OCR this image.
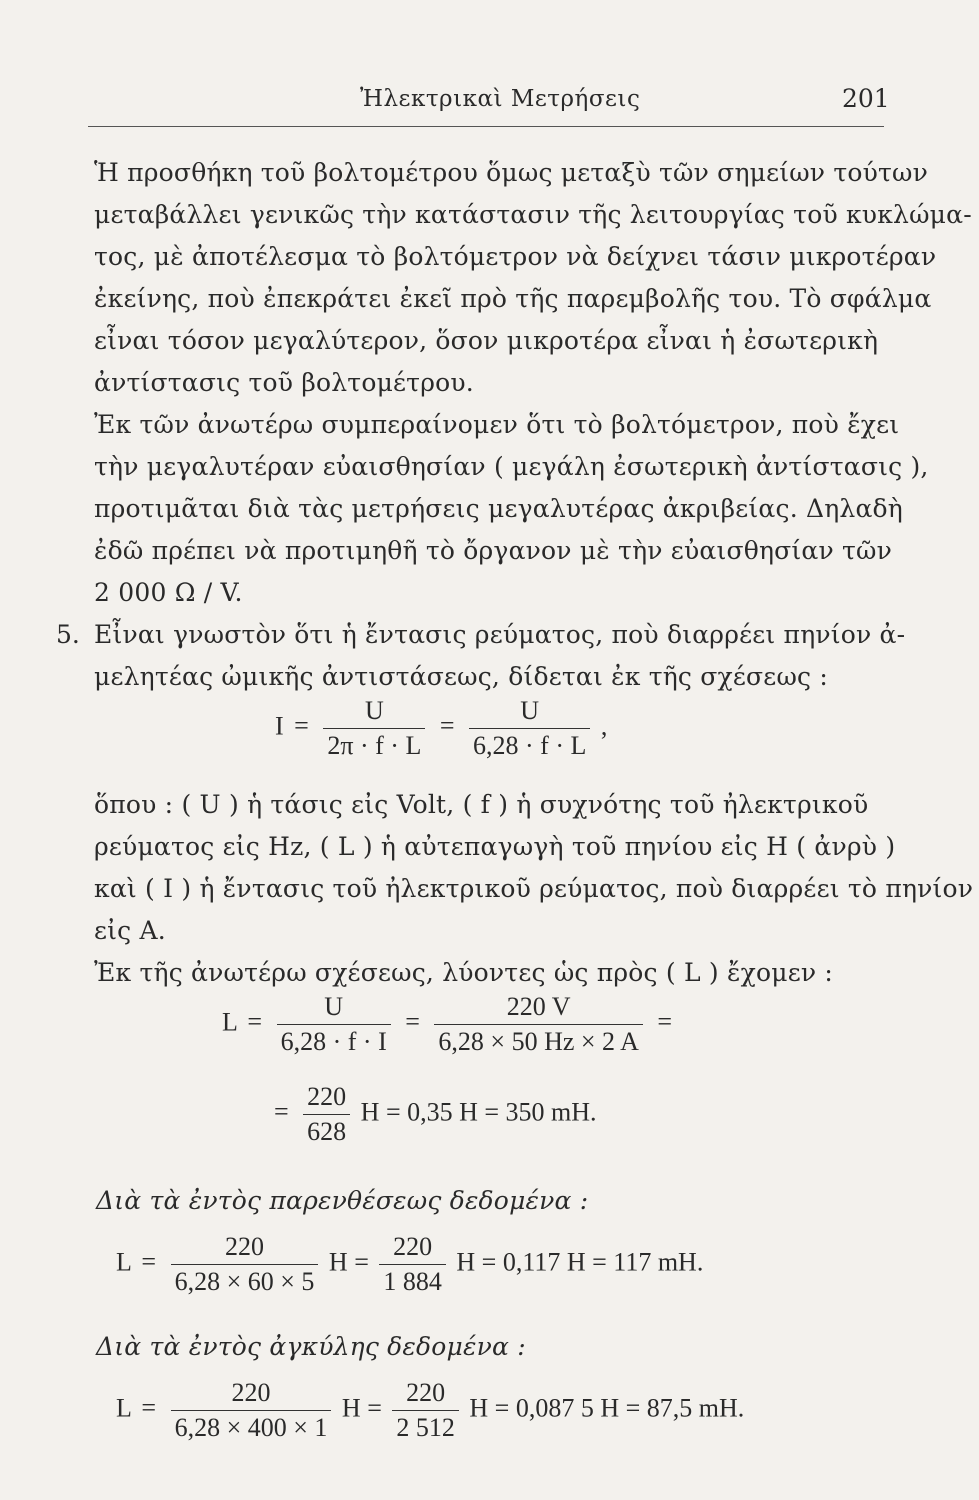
Ἠλεκτρικαὶ Μετρήσεις	201
Ἡ προσθήκη τοῦ βολτομέτρου ὅμως μεταξὺ τῶν σημείων τούτων
μεταβάλλει γενικῶς τὴν κατάστασιν τῆς λειτουργίας τοῦ κυκλώμα-
τος, μὲ ἀποτέλεσμα τὸ βολτόμετρον νὰ δείχνει τάσιν μικροτέραν
ἐκείνης, ποὺ ἐπεκράτει ἐκεῖ πρὸ τῆς παρεμβολῆς του. Τὸ σφάλμα
εἶναι τόσον μεγαλύτερον, ὅσον μικροτέρα εἶναι ἡ ἐσωτερικὴ
ἀντίστασις τοῦ βολτομέτρου.
Ἐκ τῶν ἀνωτέρω συμπεραίνομεν ὅτι τὸ βολτόμετρον, ποὺ ἔχει
τὴν μεγαλυτέραν εὐαισθησίαν ( μεγάλη ἐσωτερικὴ ἀντίστασις ),
προτιμᾶται διὰ τὰς μετρήσεις μεγαλυτέρας ἀκριβείας. Δηλαδὴ
ἐδῶ πρέπει νὰ προτιμηθῆ τὸ ὄργανον μὲ τὴν εὐαισθησίαν τῶν
2 000 Ω / V.
5. Εἶναι γνωστὸν ὅτι ἡ ἔντασις ρεύματος, ποὺ διαρρέει πηνίον ἀ-
μελητέας ὠμικῆς ἀντιστάσεως, δίδεται ἐκ τῆς σχέσεως :
$I = \frac{U}{2\pi \cdot f \cdot L} = \frac{U}{6,28 \cdot f \cdot L}$ ,
ὅπου : ( U ) ἡ τάσις εἰς Volt, ( f ) ἡ συχνότης τοῦ ἠλεκτρικοῦ
ρεύματος εἰς Hz, ( L ) ἡ αὐτεπαγωγὴ τοῦ πηνίου εἰς H ( ἀνρὺ )
καὶ ( I ) ἡ ἔντασις τοῦ ἠλεκτρικοῦ ρεύματος, ποὺ διαρρέει τὸ πηνίον
εἰς A.
Ἐκ τῆς ἀνωτέρω σχέσεως, λύοντες ὡς πρὸς ( L ) ἔχομεν :
$L = \frac{U}{6,28 \cdot f \cdot I} = \frac{220 V}{6,28 \times 50 Hz \times 2 A}$ =
= $\frac{220}{628}$ H = 0,35 H = 350 mH.
Διὰ τὰ ἐντὸς παρενθέσεως δεδομένα :
$L = \frac{220}{6,28 \times 60 \times 5}$ $H = \frac{220}{1 884}$ H = 0,117 H = 117 mH.
Διὰ τὰ ἐντὸς ἀγκύλης δεδομένα :
$L = \frac{220}{6,28 \times 400 \times 1}$ $H = \frac{220}{2 512}$ H = 0,087 5 H = 87,5 mH.
